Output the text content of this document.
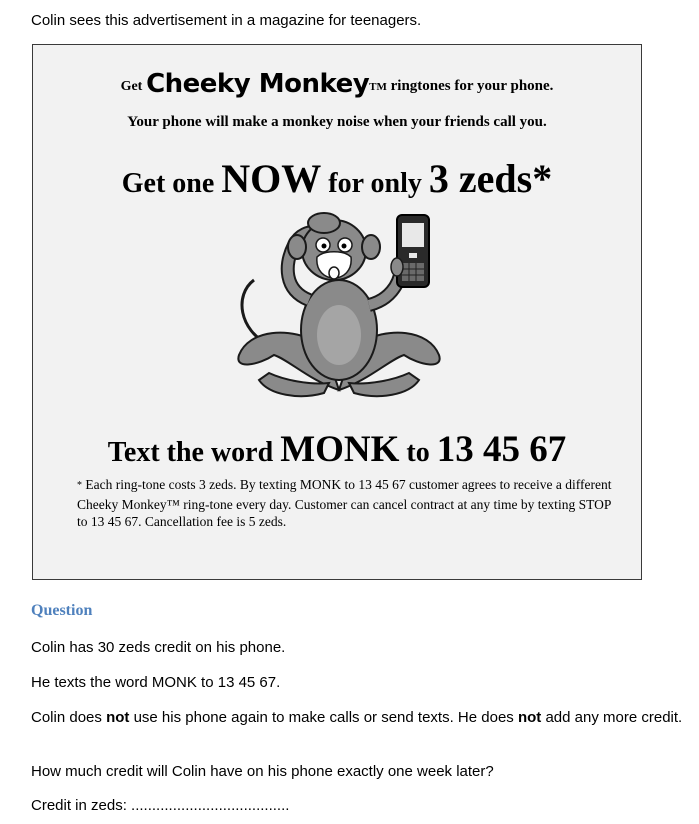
Colin sees this advertisement in a magazine for teenagers.
Get Cheeky MonkeyTM ringtones for your phone.
Your phone will make a monkey noise when your friends call you.
Get one NOW for only 3 zeds*
Text the word MONK to 13 45 67
* Each ring-tone costs 3 zeds. By texting MONK to 13 45 67 customer agrees to receive a different Cheeky Monkey™ ring-tone every day. Customer can cancel contract at any time by texting STOP to 13 45 67. Cancellation fee is 5 zeds.
Question
Colin has 30 zeds credit on his phone.
He texts the word MONK to 13 45 67.
Colin does not use his phone again to make calls or send texts. He does not add any more credit.
How much credit will Colin have on his phone exactly one week later?
Credit in zeds: ......................................
